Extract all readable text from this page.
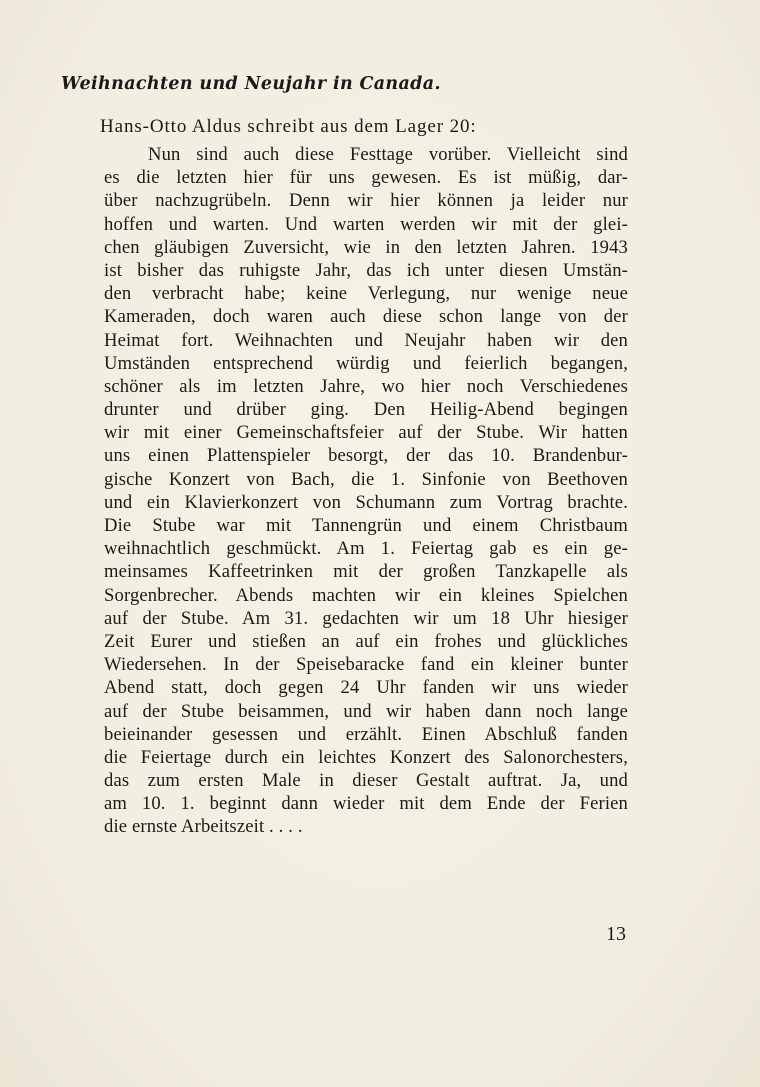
Weihnachten und Neujahr in Canada.

Hans-Otto Aldus schreibt aus dem Lager 20:

Nun sind auch diese Festtage vorüber. Vielleicht sind
es die letzten hier für uns gewesen. Es ist müßig, dar-
über nachzugrübeln. Denn wir hier können ja leider nur
hoffen und warten. Und warten werden wir mit der glei-
chen gläubigen Zuversicht, wie in den letzten Jahren. 1943
ist bisher das ruhigste Jahr, das ich unter diesen Umstän-
den verbracht habe; keine Verlegung, nur wenige neue
Kameraden, doch waren auch diese schon lange von der
Heimat fort. Weihnachten und Neujahr haben wir den
Umständen entsprechend würdig und feierlich begangen,
schöner als im letzten Jahre, wo hier noch Verschiedenes
drunter und drüber ging. Den Heilig-Abend begingen
wir mit einer Gemeinschaftsfeier auf der Stube. Wir hatten
uns einen Plattenspieler besorgt, der das 10. Brandenbur-
gische Konzert von Bach, die 1. Sinfonie von Beethoven
und ein Klavierkonzert von Schumann zum Vortrag brachte.
Die Stube war mit Tannengrün und einem Christbaum
weihnachtlich geschmückt. Am 1. Feiertag gab es ein ge-
meinsames Kaffeetrinken mit der großen Tanzkapelle als
Sorgenbrecher. Abends machten wir ein kleines Spielchen
auf der Stube. Am 31. gedachten wir um 18 Uhr hiesiger
Zeit Eurer und stießen an auf ein frohes und glückliches
Wiedersehen. In der Speisebaracke fand ein kleiner bunter
Abend statt, doch gegen 24 Uhr fanden wir uns wieder
auf der Stube beisammen, und wir haben dann noch lange
beieinander gesessen und erzählt. Einen Abschluß fanden
die Feiertage durch ein leichtes Konzert des Salonorchesters,
das zum ersten Male in dieser Gestalt auftrat. Ja, und
am 10. 1. beginnt dann wieder mit dem Ende der Ferien
die ernste Arbeitszeit . . . .
13
